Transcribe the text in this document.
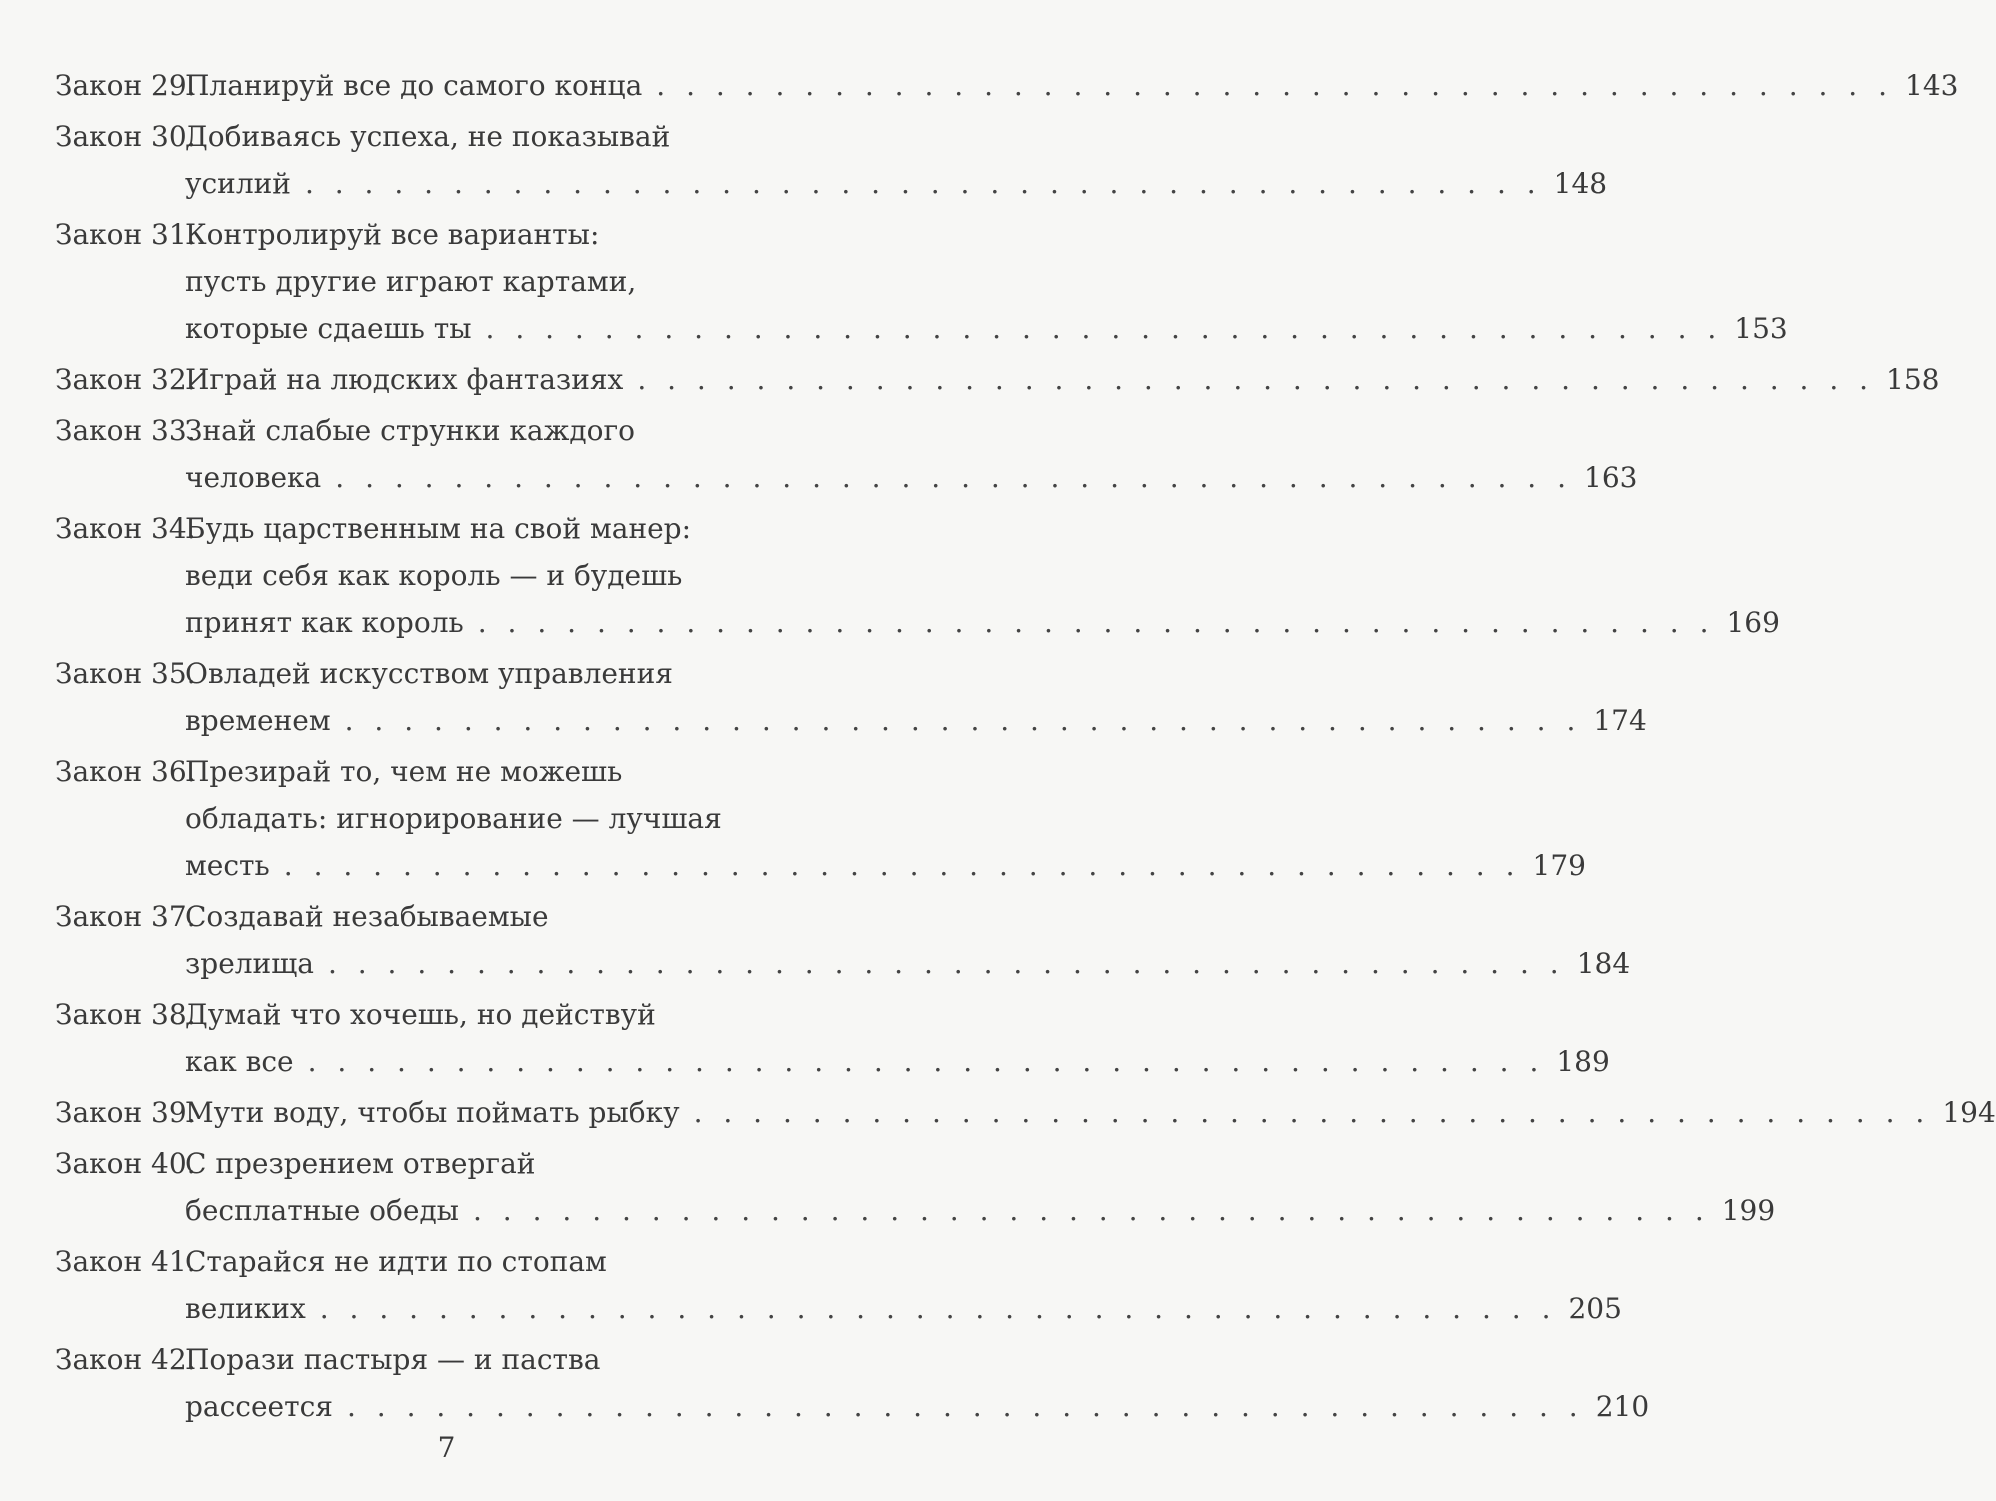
Закон 29.
Планируй все до самого конца . . . . . . . . . . . . . . . . . . . . . . . . . . . . . . . . . . . . . . . . . . 143
Закон 30.
Добиваясь успеха, не показывай
усилий . . . . . . . . . . . . . . . . . . . . . . . . . . . . . . . . . . . . . . . . . . 148
Закон 31.
Контролируй все варианты:
пусть другие играют картами,
которые сдаешь ты . . . . . . . . . . . . . . . . . . . . . . . . . . . . . . . . . . . . . . . . . . 153
Закон 32.
Играй на людских фантазиях . . . . . . . . . . . . . . . . . . . . . . . . . . . . . . . . . . . . . . . . . . 158
Закон 33.
Знай слабые струнки каждого
человека . . . . . . . . . . . . . . . . . . . . . . . . . . . . . . . . . . . . . . . . . . 163
Закон 34.
Будь царственным на свой манер:
веди себя как король — и будешь
принят как король . . . . . . . . . . . . . . . . . . . . . . . . . . . . . . . . . . . . . . . . . . 169
Закон 35.
Овладей искусством управления
временем . . . . . . . . . . . . . . . . . . . . . . . . . . . . . . . . . . . . . . . . . . 174
Закон 36.
Презирай то, чем не можешь
обладать: игнорирование — лучшая
месть . . . . . . . . . . . . . . . . . . . . . . . . . . . . . . . . . . . . . . . . . . 179
Закон 37.
Создавай незабываемые
зрелища . . . . . . . . . . . . . . . . . . . . . . . . . . . . . . . . . . . . . . . . . . 184
Закон 38.
Думай что хочешь, но действуй
как все . . . . . . . . . . . . . . . . . . . . . . . . . . . . . . . . . . . . . . . . . . 189
Закон 39.
Мути воду, чтобы поймать рыбку . . . . . . . . . . . . . . . . . . . . . . . . . . . . . . . . . . . . . . . . . . 194
Закон 40.
С презрением отвергай
бесплатные обеды . . . . . . . . . . . . . . . . . . . . . . . . . . . . . . . . . . . . . . . . . . 199
Закон 41.
Старайся не идти по стопам
великих . . . . . . . . . . . . . . . . . . . . . . . . . . . . . . . . . . . . . . . . . . 205
Закон 42.
Порази пастыря — и паства
рассеется . . . . . . . . . . . . . . . . . . . . . . . . . . . . . . . . . . . . . . . . . . 210
7
